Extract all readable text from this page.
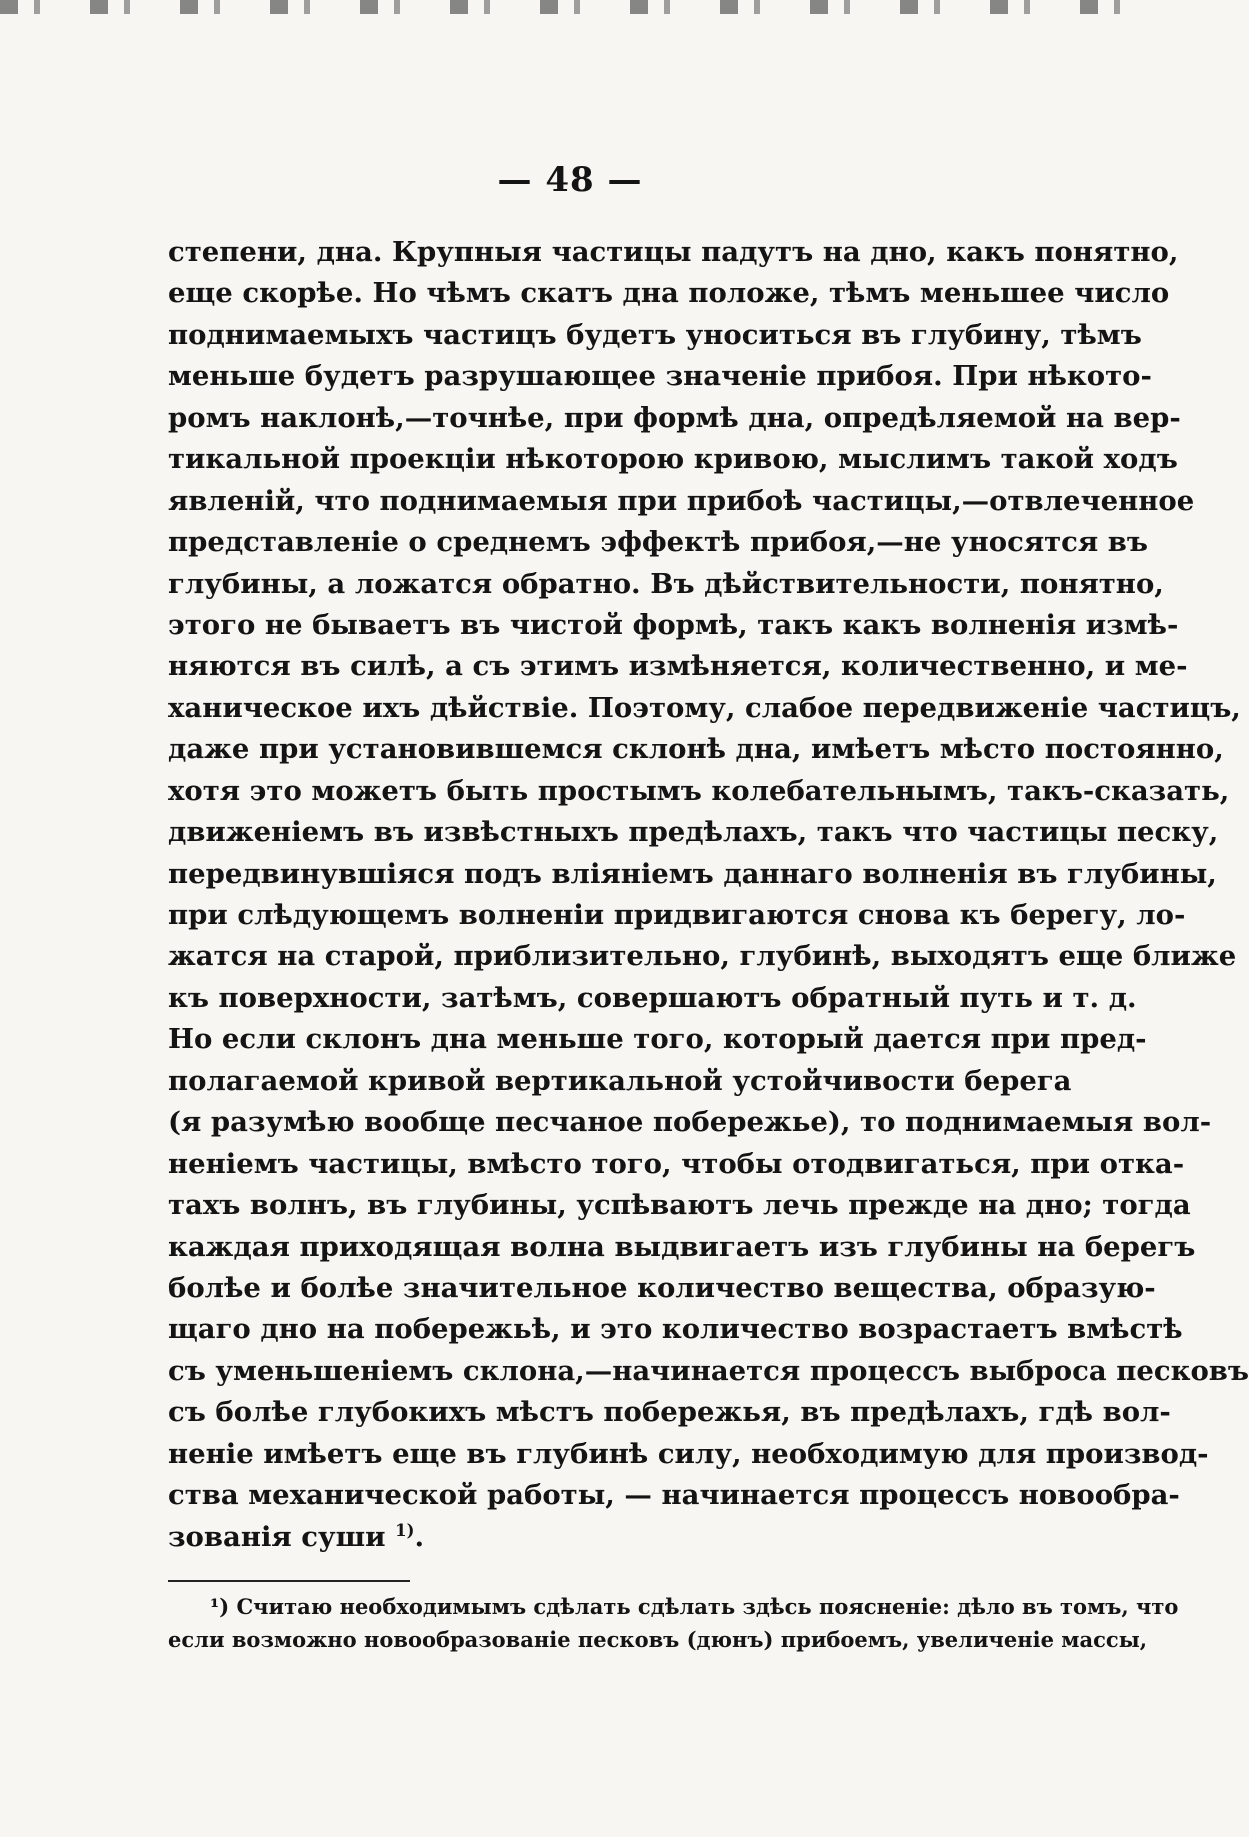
— 48 —
степени, дна. Крупныя частицы падутъ на дно, какъ понятно,
еще скорѣе. Но чѣмъ скатъ дна положе, тѣмъ меньшее число
поднимаемыхъ частицъ будетъ уноситься въ глубину, тѣмъ
меньше будетъ разрушающее значеніе прибоя. При нѣкото-
ромъ наклонѣ,—точнѣе, при формѣ дна, опредѣляемой на вер-
тикальной проекціи нѣкоторою кривою, мыслимъ такой ходъ
явленій, что поднимаемыя при прибоѣ частицы,—отвлеченное
представленіе о среднемъ эффектѣ прибоя,—не уносятся въ
глубины, а ложатся обратно. Въ дѣйствительности, понятно,
этого не бываетъ въ чистой формѣ, такъ какъ волненія измѣ-
няются въ силѣ, а съ этимъ измѣняется, количественно, и ме-
ханическое ихъ дѣйствіе. Поэтому, слабое передвиженіе частицъ,
даже при установившемся склонѣ дна, имѣетъ мѣсто постоянно,
хотя это можетъ быть простымъ колебательнымъ, такъ-сказать,
движеніемъ въ извѣстныхъ предѣлахъ, такъ что частицы песку,
передвинувшіяся подъ вліяніемъ даннаго волненія въ глубины,
при слѣдующемъ волненіи придвигаются снова къ берегу, ло-
жатся на старой, приблизительно, глубинѣ, выходятъ еще ближе
къ поверхности, затѣмъ, совершаютъ обратный путь и т. д.
Но если склонъ дна меньше того, который дается при пред-
полагаемой кривой вертикальной устойчивости берега
(я разумѣю вообще песчаное побережье), то поднимаемыя вол-
неніемъ частицы, вмѣсто того, чтобы отодвигаться, при отка-
тахъ волнъ, въ глубины, успѣваютъ лечь прежде на дно; тогда
каждая приходящая волна выдвигаетъ изъ глубины на берегъ
болѣе и болѣе значительное количество вещества, образую-
щаго дно на побережьѣ, и это количество возрастаетъ вмѣстѣ
съ уменьшеніемъ склона,—начинается процессъ выброса песковъ
съ болѣе глубокихъ мѣстъ побережья, въ предѣлахъ, гдѣ вол-
неніе имѣетъ еще въ глубинѣ силу, необходимую для производ-
ства механической работы, — начинается процессъ новообра-
зованія суши $^{1)}$.
¹) Считаю необходимымъ сдѣлать сдѣлать здѣсь поясненіе: дѣло въ томъ, что
если возможно новообразованіе песковъ (дюнъ) прибоемъ, увеличеніе массы,
